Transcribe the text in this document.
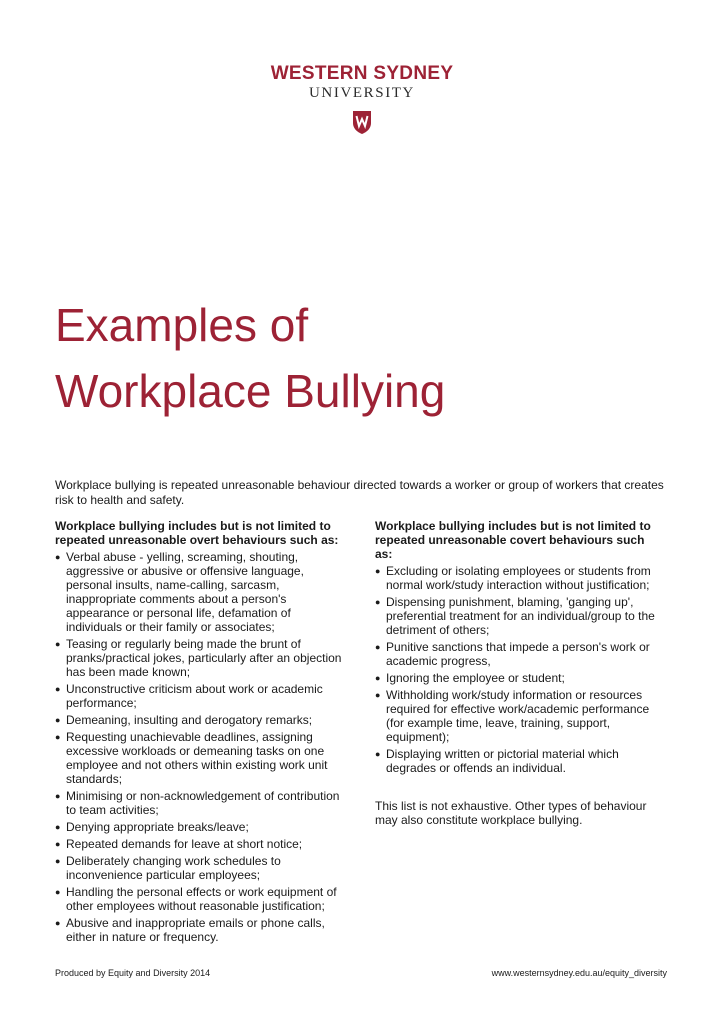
WESTERN SYDNEY
UNIVERSITY
Examples of
Workplace Bullying

Workplace bullying is repeated unreasonable behaviour directed towards a worker or group of workers that creates risk to health and safety.

Workplace bullying includes but is not limited to repeated unreasonable overt behaviours such as:

● Verbal abuse - yelling, screaming, shouting, aggressive or abusive or offensive language, personal insults, name-calling, sarcasm, inappropriate comments about a person's appearance or personal life, defamation of individuals or their family or associates;
● Teasing or regularly being made the brunt of pranks/practical jokes, particularly after an objection has been made known;
● Unconstructive criticism about work or academic performance;
● Demeaning, insulting and derogatory remarks;
● Requesting unachievable deadlines, assigning excessive workloads or demeaning tasks on one employee and not others within existing work unit standards;
● Minimising or non-acknowledgement of contribution to team activities;
● Denying appropriate breaks/leave;
● Repeated demands for leave at short notice;
● Deliberately changing work schedules to inconvenience particular employees;
● Handling the personal effects or work equipment of other employees without reasonable justification;
● Abusive and inappropriate emails or phone calls, either in nature or frequency.

Workplace bullying includes but is not limited to repeated unreasonable covert behaviours such as:

● Excluding or isolating employees or students from normal work/study interaction without justification;
● Dispensing punishment, blaming, 'ganging up', preferential treatment for an individual/group to the detriment of others;
● Punitive sanctions that impede a person's work or academic progress,
● Ignoring the employee or student;
● Withholding work/study information or resources required for effective work/academic performance (for example time, leave, training, support, equipment);
● Displaying written or pictorial material which degrades or offends an individual.

This list is not exhaustive. Other types of behaviour may also constitute workplace bullying.

Produced by Equity and Diversity 2014	www.westernsydney.edu.au/equity_diversity
